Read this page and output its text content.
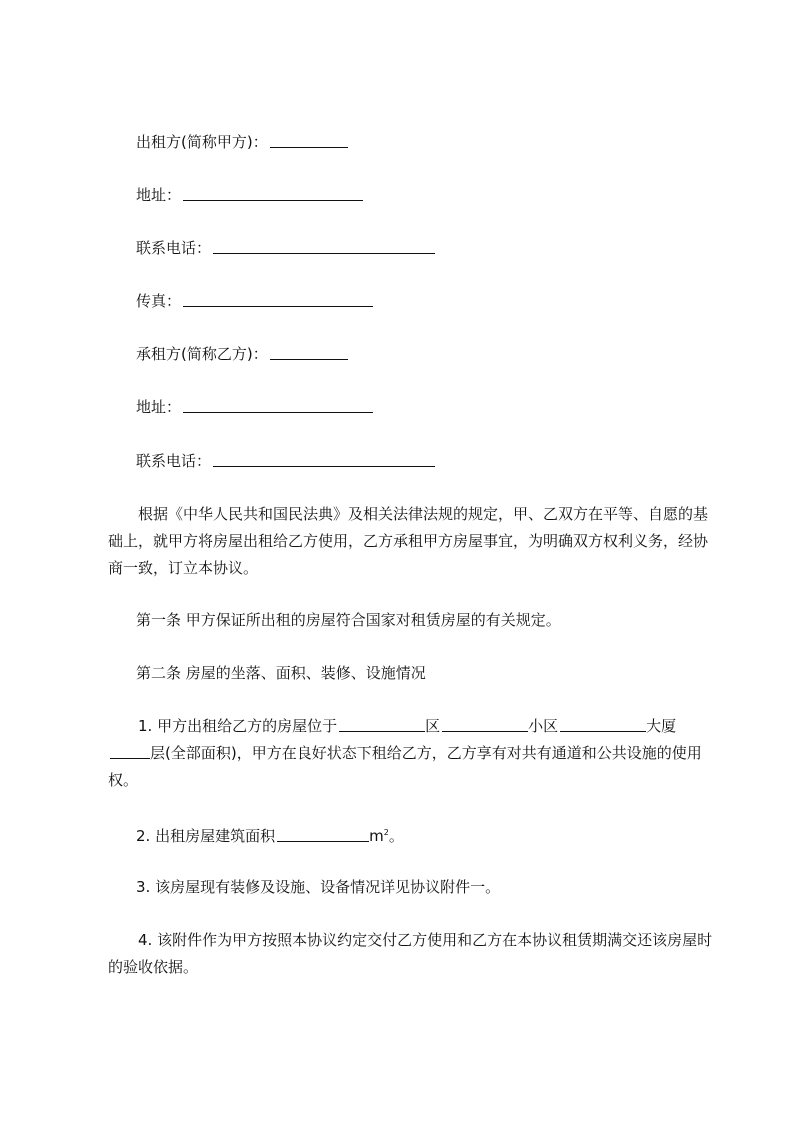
出租方(简称甲方)：
地址：
联系电话：
传真：
承租方(简称乙方)：
地址：
联系电话：
根据《中华人民共和国民法典》及相关法律法规的规定，甲、乙双方在平等、自愿的基础上，就甲方将房屋出租给乙方使用，乙方承租甲方房屋事宜，为明确双方权利义务，经协商一致，订立本协议。
第一条 甲方保证所出租的房屋符合国家对租赁房屋的有关规定。
第二条 房屋的坐落、面积、装修、设施情况
1. 甲方出租给乙方的房屋位于	区	小区	大厦层(全部面积)，甲方在良好状态下租给乙方，乙方享有对共有通道和公共设施的使用权。
2. 出租房屋建筑面积	$m^2$。
3. 该房屋现有装修及设施、设备情况详见协议附件一。
4. 该附件作为甲方按照本协议约定交付乙方使用和乙方在本协议租赁期满交还该房屋时的验收依据。
